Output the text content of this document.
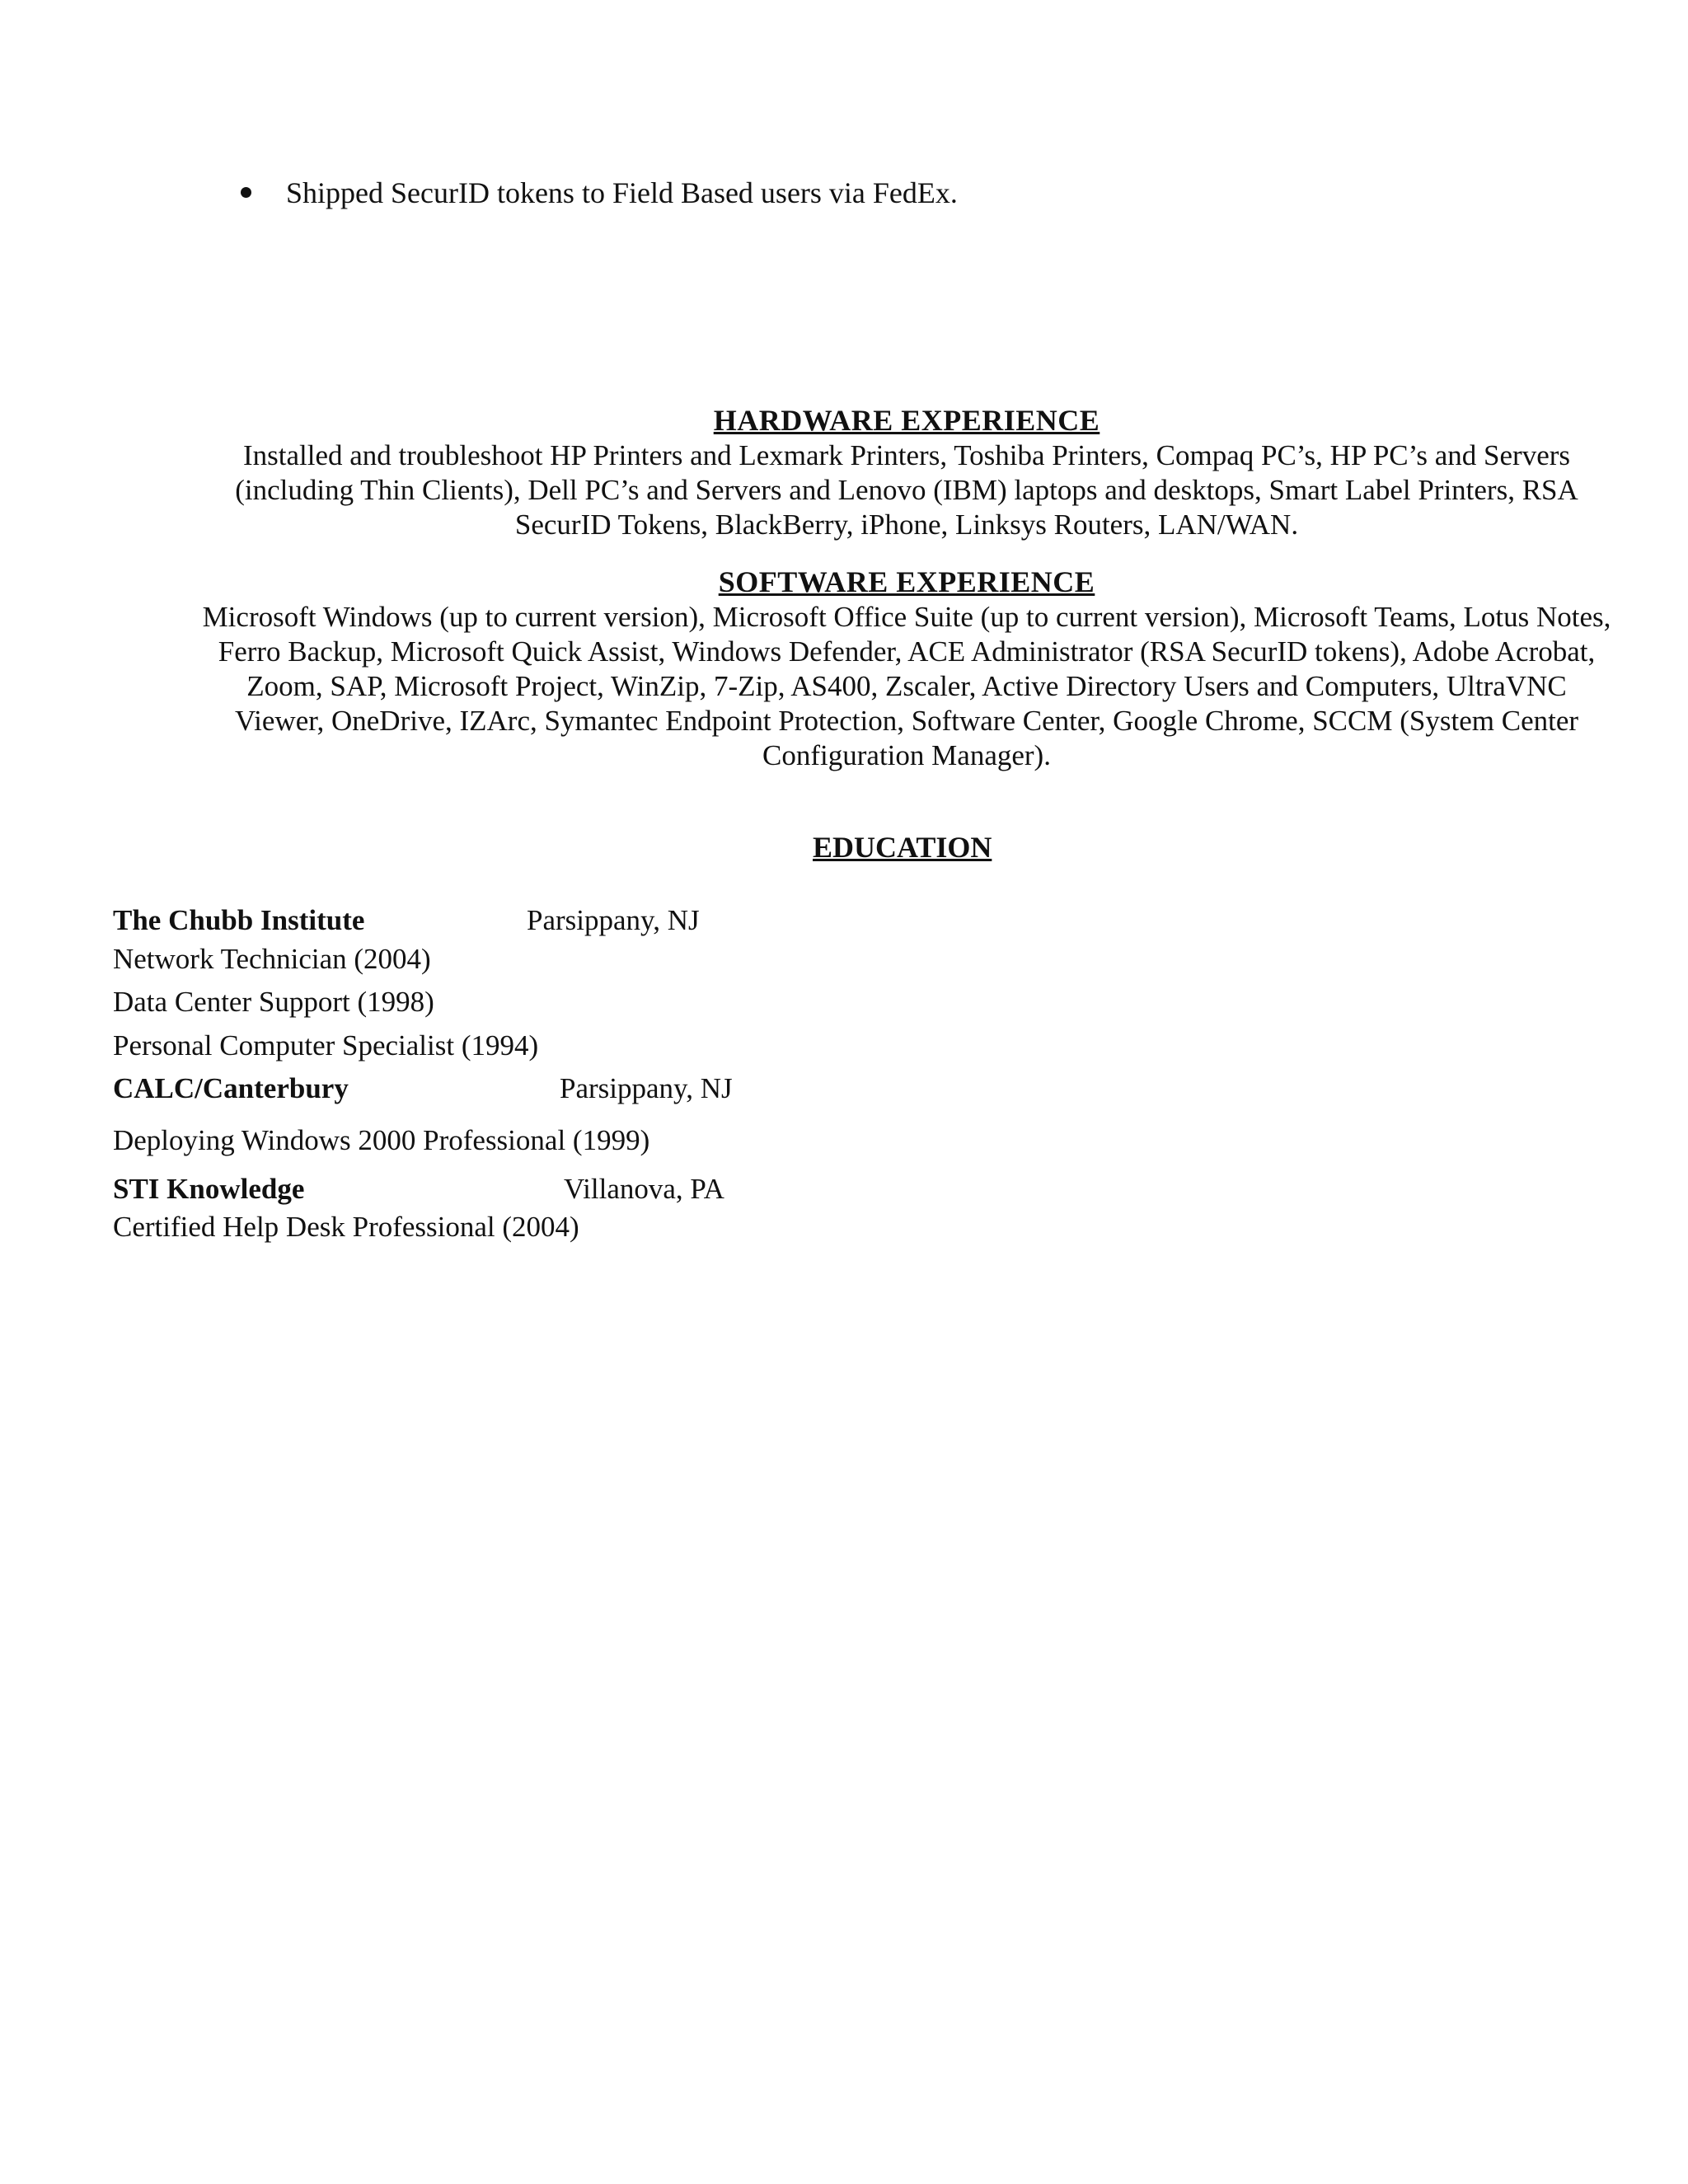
Shipped SecurID tokens to Field Based users via FedEx.
HARDWARE EXPERIENCE
Installed and troubleshoot HP Printers and Lexmark Printers, Toshiba Printers, Compaq PC’s, HP PC’s and Servers
(including Thin Clients), Dell PC’s and Servers and Lenovo (IBM) laptops and desktops, Smart Label Printers, RSA
SecurID Tokens, BlackBerry, iPhone, Linksys Routers, LAN/WAN.
SOFTWARE EXPERIENCE
Microsoft Windows (up to current version), Microsoft Office Suite (up to current version), Microsoft Teams, Lotus Notes,
Ferro Backup, Microsoft Quick Assist, Windows Defender, ACE Administrator (RSA SecurID tokens), Adobe Acrobat,
Zoom, SAP, Microsoft Project, WinZip, 7-Zip, AS400, Zscaler, Active Directory Users and Computers, UltraVNC
Viewer, OneDrive, IZArc, Symantec Endpoint Protection, Software Center, Google Chrome, SCCM (System Center
Configuration Manager).
EDUCATION
The Chubb Institute	Parsippany, NJ
Network Technician (2004)
Data Center Support (1998)
Personal Computer Specialist (1994)
CALC/Canterbury	Parsippany, NJ
Deploying Windows 2000 Professional (1999)
STI Knowledge	Villanova, PA
Certified Help Desk Professional (2004)
